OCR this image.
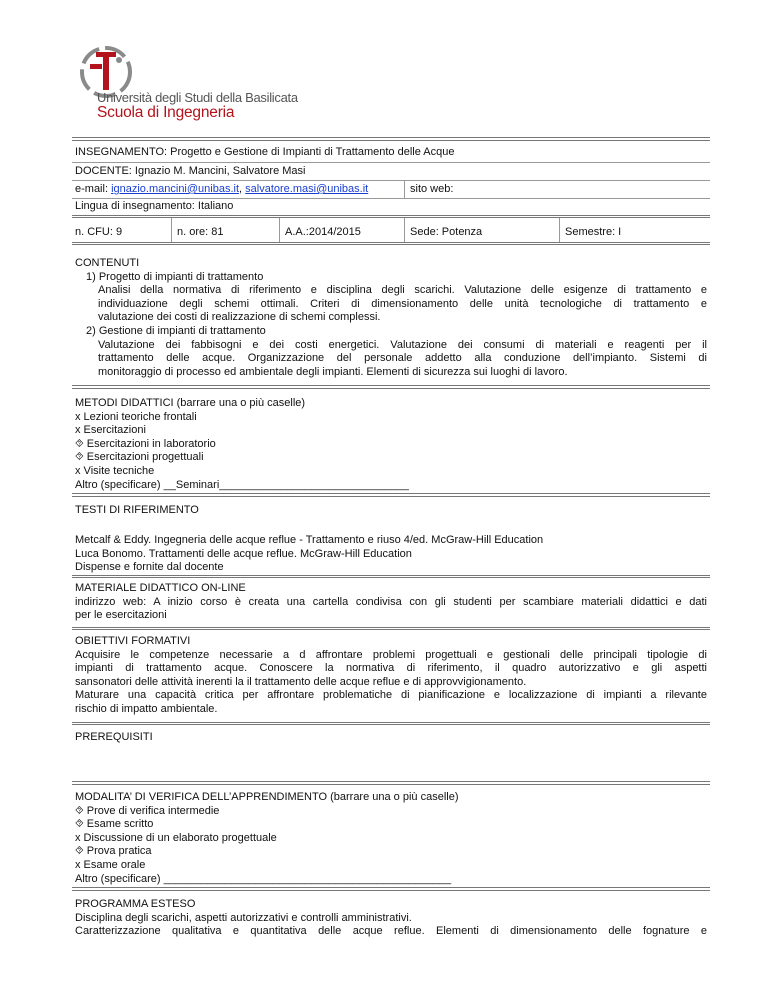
Università degli Studi della Basilicata
Scuola di Ingegneria
INSEGNAMENTO: Progetto e Gestione di Impianti di Trattamento delle Acque
DOCENTE: Ignazio M. Mancini, Salvatore Masi
e-mail: ignazio.mancini@unibas.it, salvatore.masi@unibas.it	sito web:
Lingua di insegnamento: Italiano
n. CFU: 9	n. ore: 81	A.A.:2014/2015	Sede: Potenza	Semestre: I
CONTENUTI
1) Progetto di impianti di trattamento
Analisi della normativa di riferimento e disciplina degli scarichi. Valutazione delle esigenze di trattamento e
individuazione degli schemi ottimali. Criteri di dimensionamento delle unità tecnologiche di trattamento e
valutazione dei costi di realizzazione di schemi complessi.
2) Gestione di impianti di trattamento
Valutazione dei fabbisogni e dei costi energetici. Valutazione dei consumi di materiali e reagenti per il
trattamento delle acque. Organizzazione del personale addetto alla conduzione dell’impianto. Sistemi di
monitoraggio di processo ed ambientale degli impianti. Elementi di sicurezza sui luoghi di lavoro.
METODI DIDATTICI (barrare una o più caselle)
x Lezioni teoriche frontali
x Esercitazioni
⯑ Esercitazioni in laboratorio
⯑ Esercitazioni progettuali
x Visite tecniche
Altro (specificare) __Seminari_______________________________
TESTI DI RIFERIMENTO
Metcalf & Eddy. Ingegneria delle acque reflue - Trattamento e riuso 4/ed. McGraw-Hill Education
Luca Bonomo. Trattamenti delle acque reflue. McGraw-Hill Education
Dispense e fornite dal docente
MATERIALE DIDATTICO ON-LINE
indirizzo web: A inizio corso è creata una cartella condivisa con gli studenti per scambiare materiali didattici e dati
per le esercitazioni
OBIETTIVI FORMATIVI
Acquisire le competenze necessarie a d affrontare problemi progettuali e gestionali delle principali tipologie di
impianti di trattamento acque. Conoscere la normativa di riferimento, il quadro autorizzativo e gli aspetti
sansonatori delle attività inerenti la il trattamento delle acque reflue e di approvvigionamento.
Maturare una capacità critica per affrontare problematiche di pianificazione e localizzazione di impianti a rilevante
rischio di impatto ambientale.
PREREQUISITI
MODALITA’ DI VERIFICA DELL’APPRENDIMENTO (barrare una o più caselle)
⯑ Prove di verifica intermedie
⯑ Esame scritto
x Discussione di un elaborato progettuale
⯑ Prova pratica
x Esame orale
Altro (specificare) _______________________________________________
PROGRAMMA ESTESO
Disciplina degli scarichi, aspetti autorizzativi e controlli amministrativi.
Caratterizzazione qualitativa e quantitativa delle acque reflue. Elementi di dimensionamento delle fognature e
